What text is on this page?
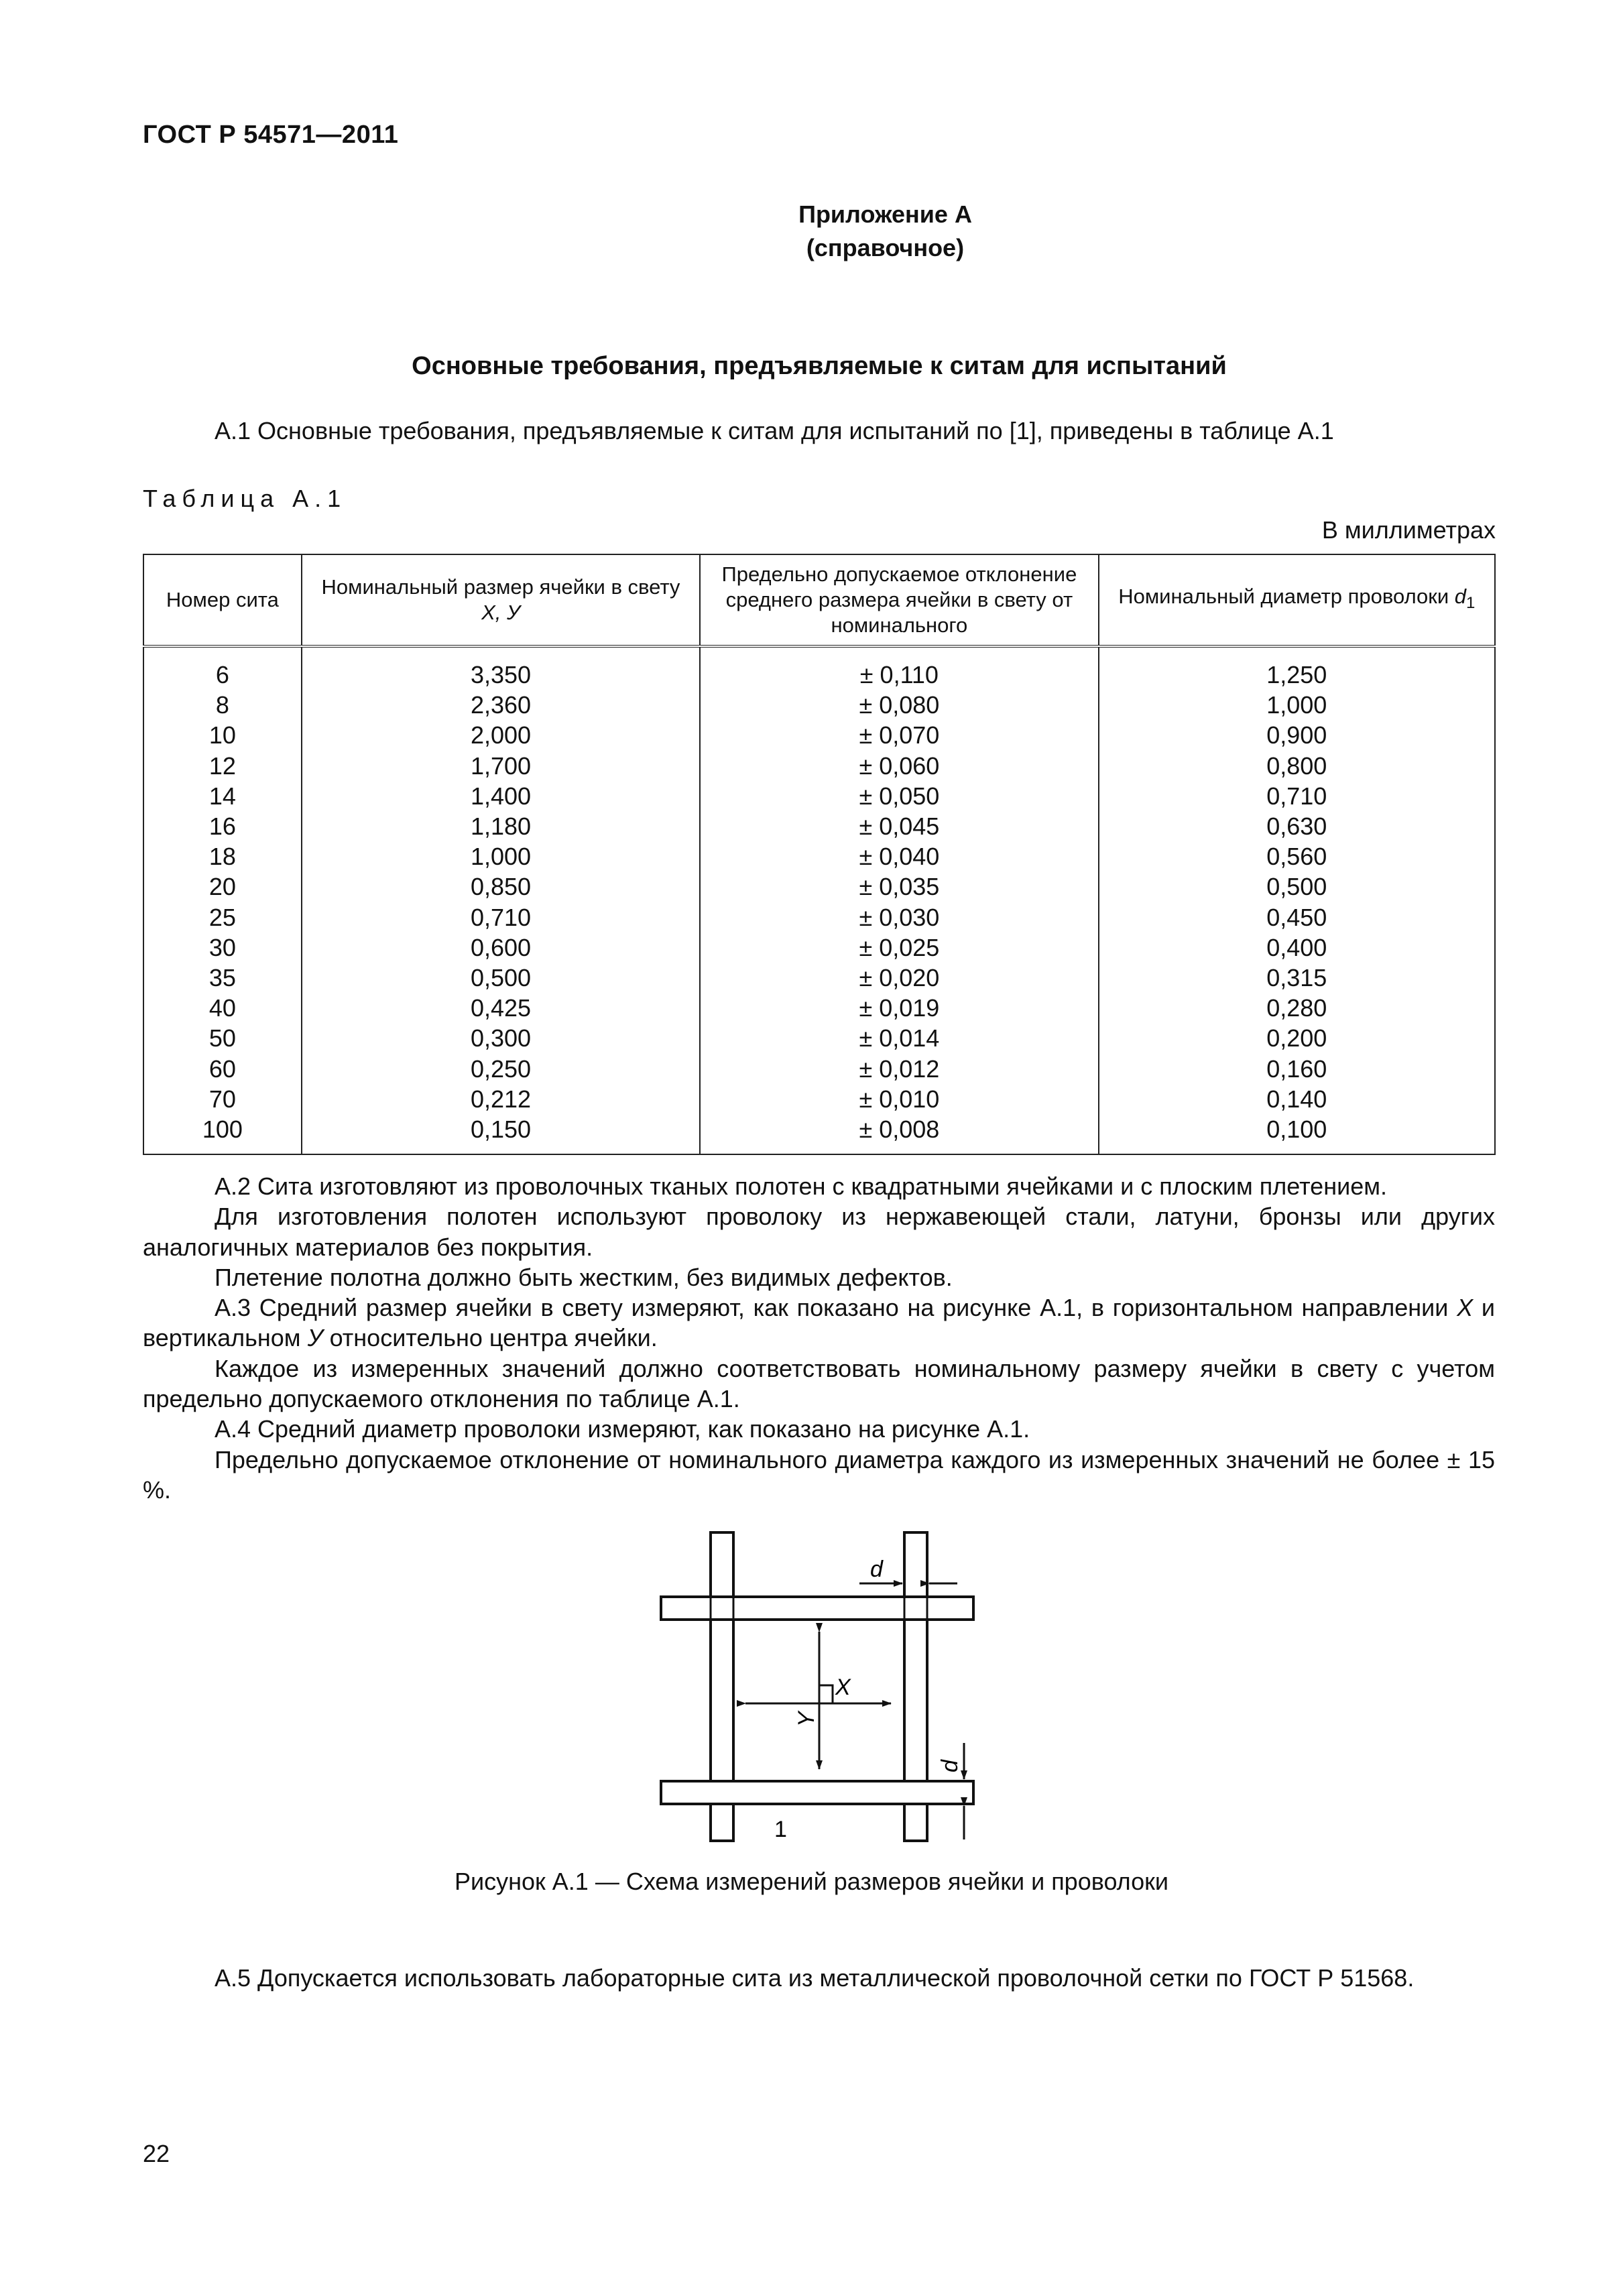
ГОСТ Р 54571—2011
Приложение А
(справочное)
Основные требования, предъявляемые к ситам для испытаний
А.1 Основные требования, предъявляемые к ситам для испытаний по [1], приведены в таблице А.1
Таблица А.1
В миллиметрах
Номер сита	Номинальный размер ячейки в свету X, У	Предельно допускаемое отклонение среднего размера ячейки в свету от номинального	Номинальный диаметр проволоки $d_1$
6	3,350	± 0,110	1,250
8	2,360	± 0,080	1,000
10	2,000	± 0,070	0,900
12	1,700	± 0,060	0,800
14	1,400	± 0,050	0,710
16	1,180	± 0,045	0,630
18	1,000	± 0,040	0,560
20	0,850	± 0,035	0,500
25	0,710	± 0,030	0,450
30	0,600	± 0,025	0,400
35	0,500	± 0,020	0,315
40	0,425	± 0,019	0,280
50	0,300	± 0,014	0,200
60	0,250	± 0,012	0,160
70	0,212	± 0,010	0,140
100	0,150	± 0,008	0,100

А.2 Сита изготовляют из проволочных тканых полотен с квадратными ячейками и с плоским плетением.

Для изготовления полотен используют проволоку из нержавеющей стали, латуни, бронзы или других аналогичных материалов без покрытия.

Плетение полотна должно быть жестким, без видимых дефектов.

А.3 Средний размер ячейки в свету измеряют, как показано на рисунке А.1, в горизонтальном направлении X и вертикальном У относительно центра ячейки.

Каждое из измеренных значений должно соответствовать номинальному размеру ячейки в свету с учетом предельно допускаемого отклонения по таблице А.1.

А.4 Средний диаметр проволоки измеряют, как показано на рисунке А.1.

Предельно допускаемое отклонение от номинального диаметра каждого из измеренных значений не более ± 15 %.

d
X
Y
d
1
Рисунок А.1 — Схема измерений размеров ячейки и проволоки
А.5 Допускается использовать лабораторные сита из металлической проволочной сетки по ГОСТ Р 51568.
22
